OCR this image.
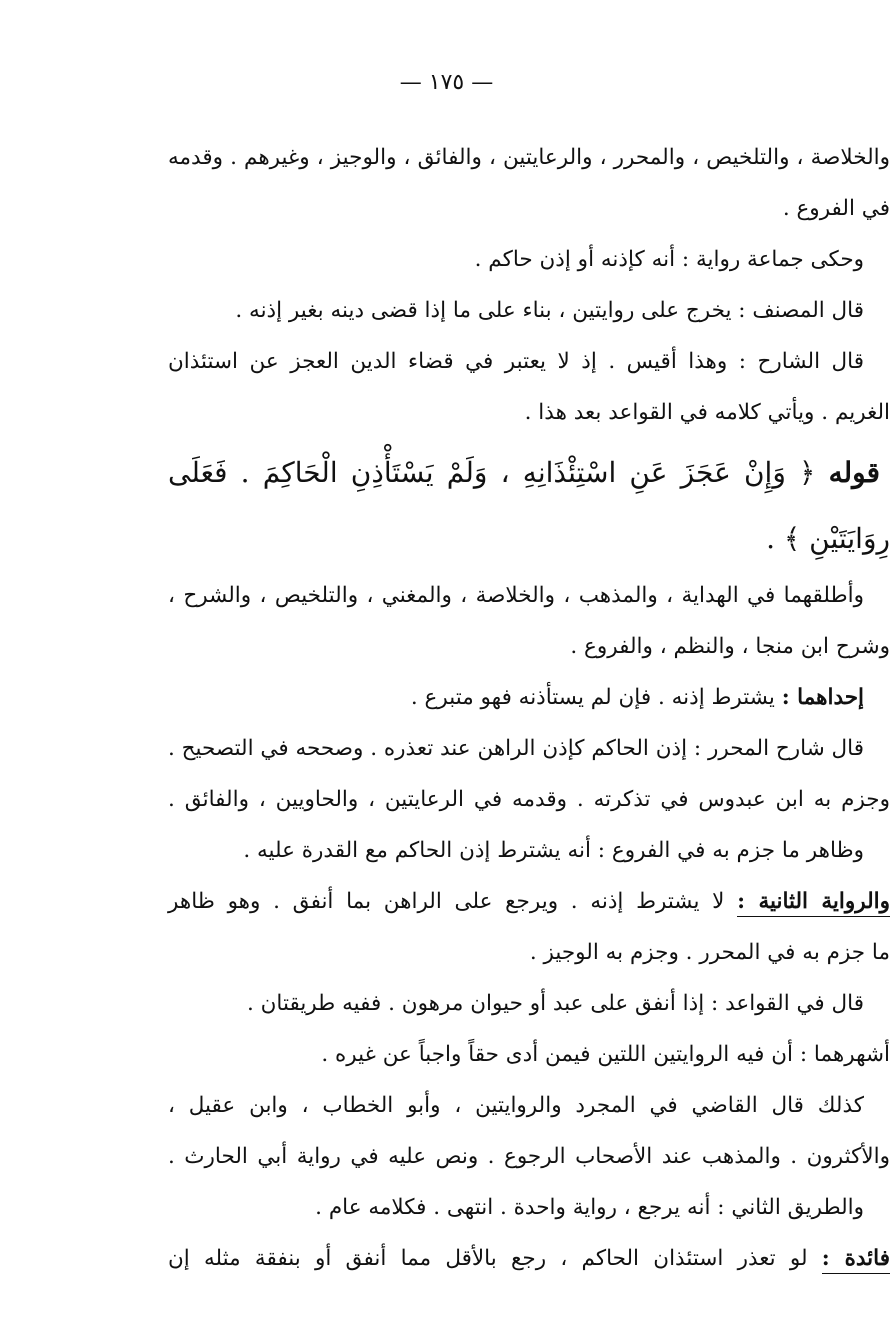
— ١٧٥ —
والخلاصة ، والتلخيص ، والمحرر ، والرعايتين ، والفائق ، والوجيز ، وغيرهم . وقدمه
في الفروع .
وحكى جماعة رواية : أنه كإذنه أو إذن حاكم .
قال المصنف : يخرج على روايتين ، بناء على ما إذا قضى دينه بغير إذنه .
قال الشارح : وهذا أقيس . إذ لا يعتبر في قضاء الدين العجز عن استئذان
الغريم . ويأتي كلامه في القواعد بعد هذا .
قوله ﴿ وَإِنْ عَجَزَ عَنِ اسْتِئْذَانِهِ ، وَلَمْ يَسْتَأْذِنِ الْحَاكِمَ . فَعَلَى
رِوَايَتَيْنِ ﴾ .
وأطلقهما في الهداية ، والمذهب ، والخلاصة ، والمغني ، والتلخيص ، والشرح ،
وشرح ابن منجا ، والنظم ، والفروع .
إحداهما : يشترط إذنه . فإن لم يستأذنه فهو متبرع .
قال شارح المحرر : إذن الحاكم كإذن الراهن عند تعذره . وصححه في التصحيح .
وجزم به ابن عبدوس في تذكرته . وقدمه في الرعايتين ، والحاويين ، والفائق .
وظاهر ما جزم به في الفروع : أنه يشترط إذن الحاكم مع القدرة عليه .
والرواية الثانية : لا يشترط إذنه . ويرجع على الراهن بما أنفق . وهو ظاهر
ما جزم به في المحرر . وجزم به الوجيز .
قال في القواعد : إذا أنفق على عبد أو حيوان مرهون . ففيه طريقتان .
أشهرهما : أن فيه الروايتين اللتين فيمن أدى حقاً واجباً عن غيره .
كذلك قال القاضي في المجرد والروايتين ، وأبو الخطاب ، وابن عقيل ،
والأكثرون . والمذهب عند الأصحاب الرجوع . ونص عليه في رواية أبي الحارث .
والطريق الثاني : أنه يرجع ، رواية واحدة . انتهى . فكلامه عام .
فائدة : لو تعذر استئذان الحاكم ، رجع بالأقل مما أنفق أو بنفقة مثله إن
